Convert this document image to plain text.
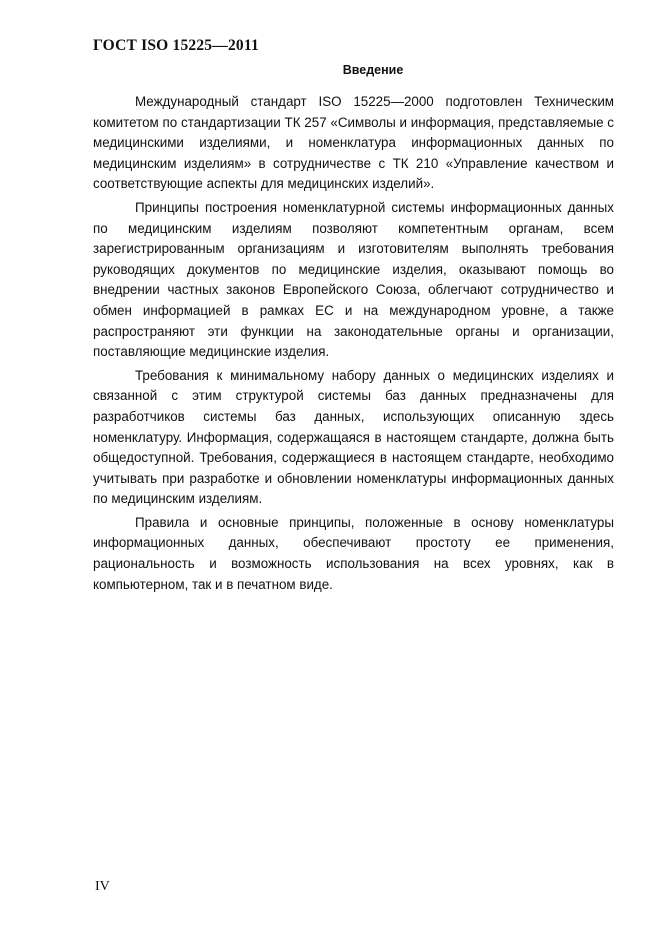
ГОСТ ISO 15225—2011
Введение

Международный стандарт ISO 15225—2000 подготовлен Техническим комитетом по стандартизации ТК 257 «Символы и информация, представляемые с медицинскими изделиями, и номенклатура информационных данных по медицинским изделиям» в сотрудничестве с ТК 210 «Управление качеством и соответствующие аспекты для медицинских изделий».

Принципы построения номенклатурной системы информационных данных по медицинским изделиям позволяют компетентным органам, всем зарегистрированным организациям и изготовителям выполнять требования руководящих документов по медицинские изделия, оказывают помощь во внедрении частных законов Европейского Союза, облегчают сотрудничество и обмен информацией в рамках ЕС и на международном уровне, а также распространяют эти функции на законодательные органы и организации, поставляющие медицинские изделия.

Требования к минимальному набору данных о медицинских изделиях и связанной с этим структурой системы баз данных предназначены для разработчиков системы баз данных, использующих описанную здесь номенклатуру. Информация, содержащаяся в настоящем стандарте, должна быть общедоступной. Требования, содержащиеся в настоящем стандарте, необходимо учитывать при разработке и обновлении номенклатуры информационных данных по медицинским изделиям.

Правила и основные принципы, положенные в основу номенклатуры информационных данных, обеспечивают простоту ее применения, рациональность и возможность использования на всех уровнях, как в компьютерном, так и в печатном виде.

IV
